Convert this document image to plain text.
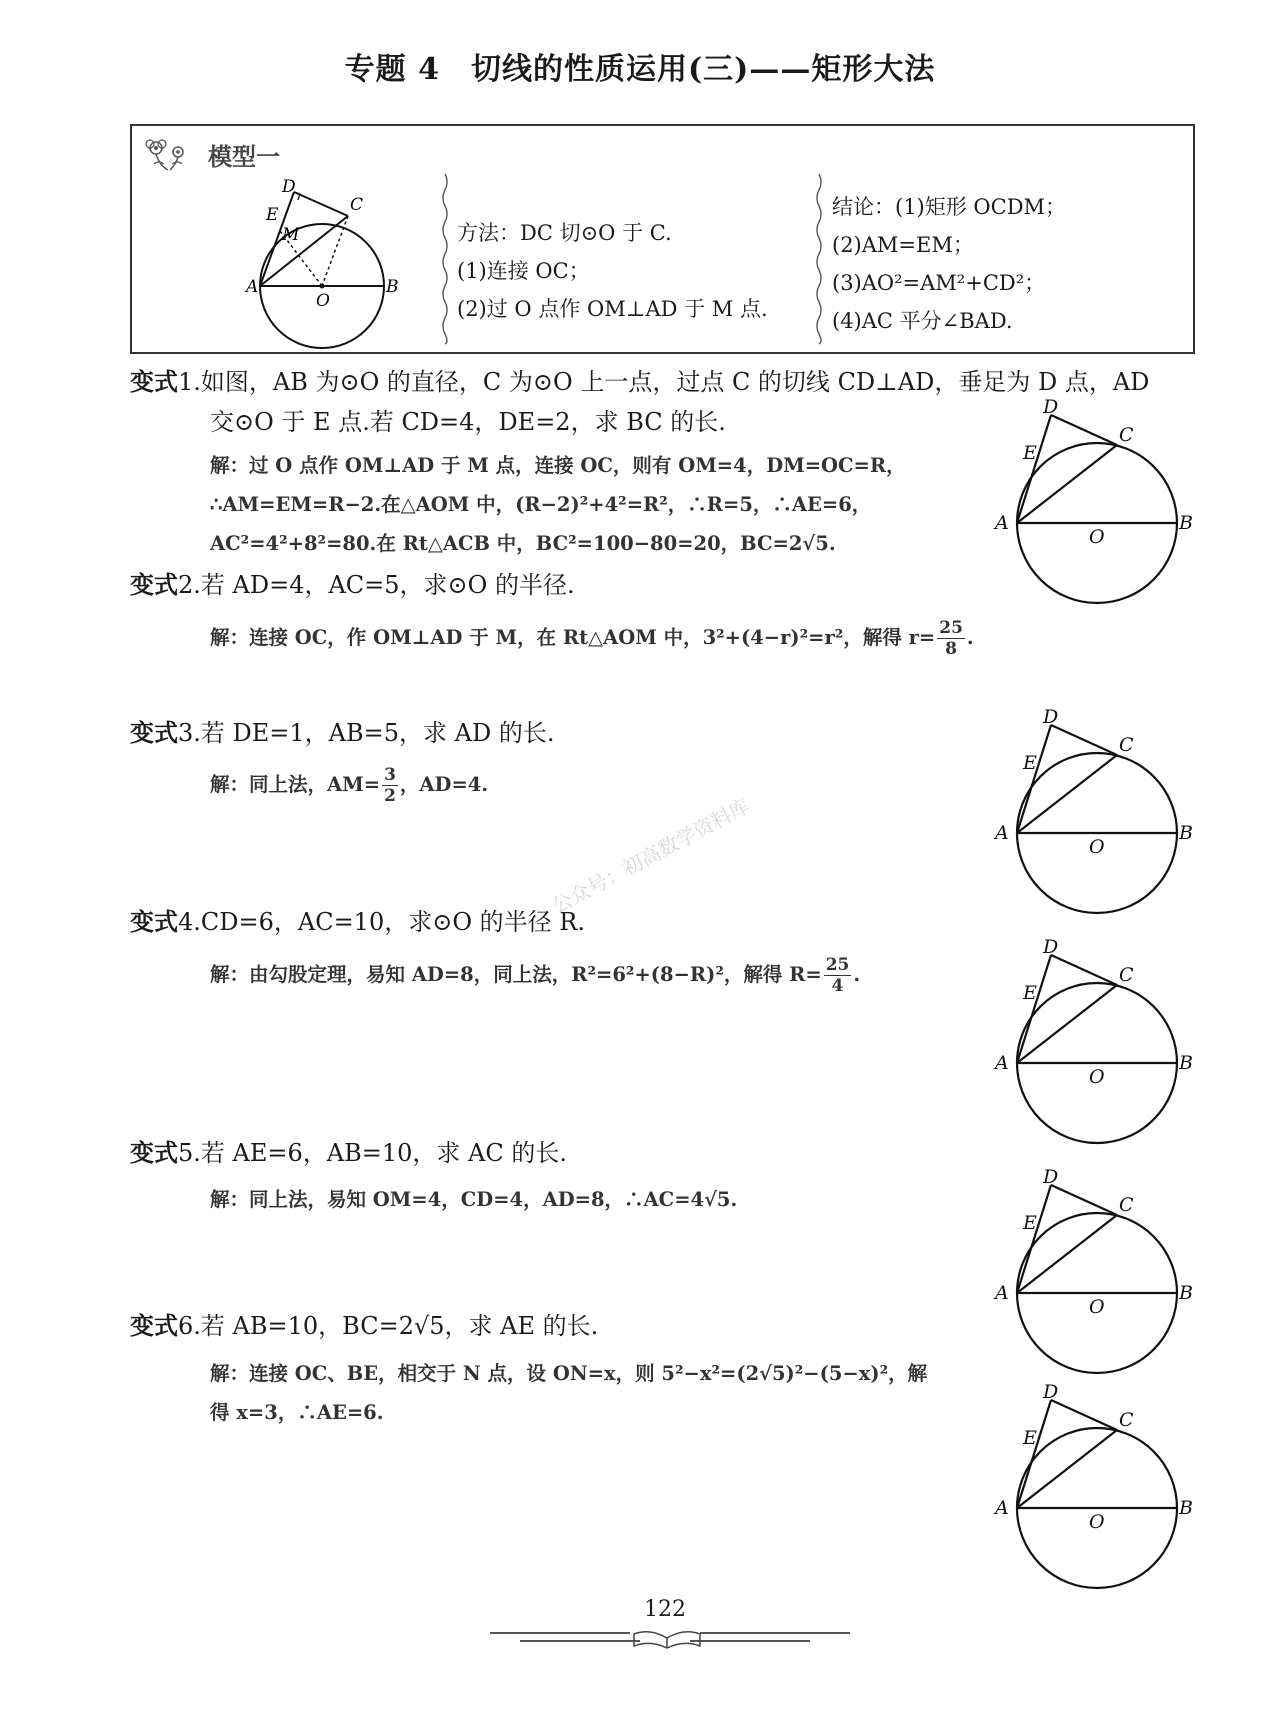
专题 4　切线的性质运用(三)——矩形大法
模型一
D
C
E
M
A
O
B
方法：DC 切⊙O 于 C.
(1)连接 OC；
(2)过 O 点作 OM⊥AD 于 M 点.
结论：(1)矩形 OCDM；
(2)AM=EM；
(3)AO²=AM²+CD²；
(4)AC 平分∠BAD.
变式1.如图，AB 为⊙O 的直径，C 为⊙O 上一点，过点 C 的切线 CD⊥AD，垂足为 D 点，AD
交⊙O 于 E 点.若 CD=4，DE=2，求 BC 的长.
解：过 O 点作 OM⊥AD 于 M 点，连接 OC，则有 OM=4，DM=OC=R，
∴AM=EM=R−2.在△AOM 中，(R−2)²+4²=R²，∴R=5，∴AE=6，
AC²=4²+8²=80.在 Rt△ACB 中，BC²=100−80=20，BC=2√5.
变式2.若 AD=4，AC=5，求⊙O 的半径.
解：连接 OC，作 OM⊥AD 于 M，在 Rt△AOM 中，3²+(4−r)²=r²，解得 $r= \frac{25}{8}$ .
变式3.若 DE=1，AB=5，求 AD 的长.
解：同上法，$AM= \frac{3}{2}$ ，AD=4.
变式4.CD=6，AC=10，求⊙O 的半径 R.
解：由勾股定理，易知 AD=8，同上法，R²=6²+(8−R)²，解得 $R= \frac{25}{4}$ .
变式5.若 AE=6，AB=10，求 AC 的长.
解：同上法，易知 OM=4，CD=4，AD=8，∴AC=4√5.
变式6.若 AB=10，BC=2√5，求 AE 的长.
解：连接 OC、BE，相交于 N 点，设 ON=x，则 5²−x²=(2√5)²−(5−x)²，解
得 x=3，∴AE=6.
D
E
C
A
O
B
D
E
C
A
O
B
D
E
C
A
O
B
D
E
C
A
O
B
D
E
C
A
O
B
公众号：初高数学资料库
122
